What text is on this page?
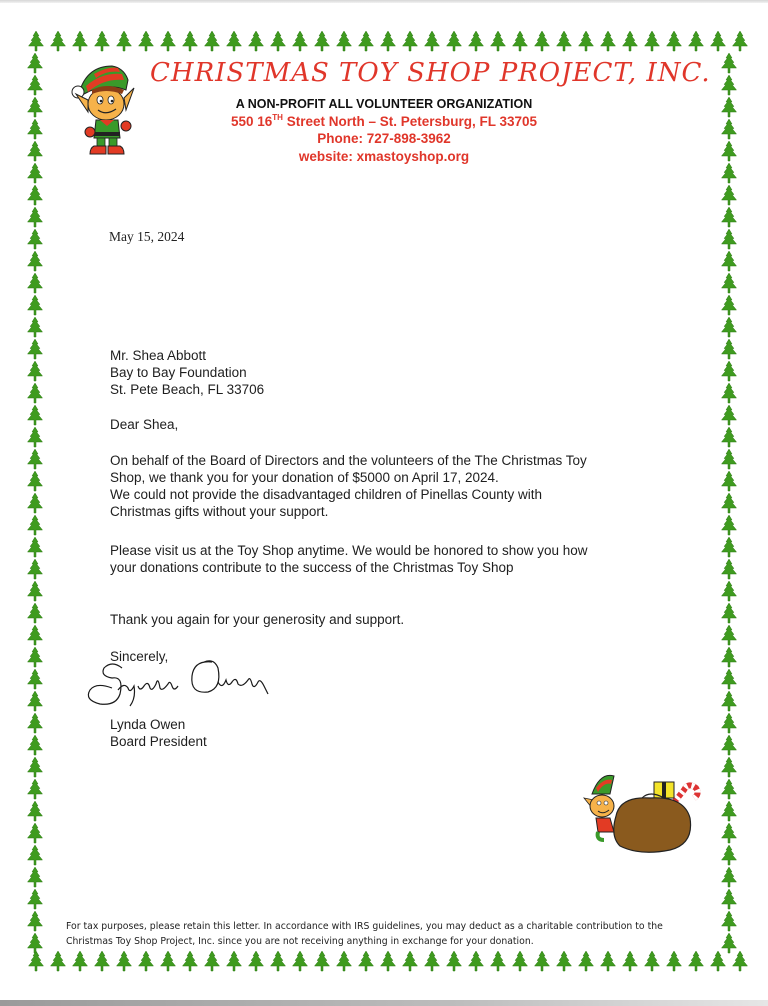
CHRISTMAS TOY SHOP PROJECT, INC.
A NON-PROFIT ALL VOLUNTEER ORGANIZATION
550 16TH Street North – St. Petersburg, FL 33705
Phone: 727-898-3962
website: xmastoyshop.org
May 15, 2024

Mr. Shea Abbott

Bay to Bay Foundation

St. Pete Beach, FL 33706

Dear Shea,

On behalf of the Board of Directors and the volunteers of the The Christmas Toy

Shop, we thank you for your donation of $5000 on April 17, 2024.

We could not provide the disadvantaged children of Pinellas County with

Christmas gifts without your support.

Please visit us at the Toy Shop anytime. We would be honored to show you how

your donations contribute to the success of the Christmas Toy Shop

Thank you again for your generosity and support.
Sincerely,

Lynda Owen

Board President

For tax purposes, please retain this letter. In accordance with IRS guidelines, you may deduct as a charitable contribution to the

Christmas Toy Shop Project, Inc. since you are not receiving anything in exchange for your donation.
